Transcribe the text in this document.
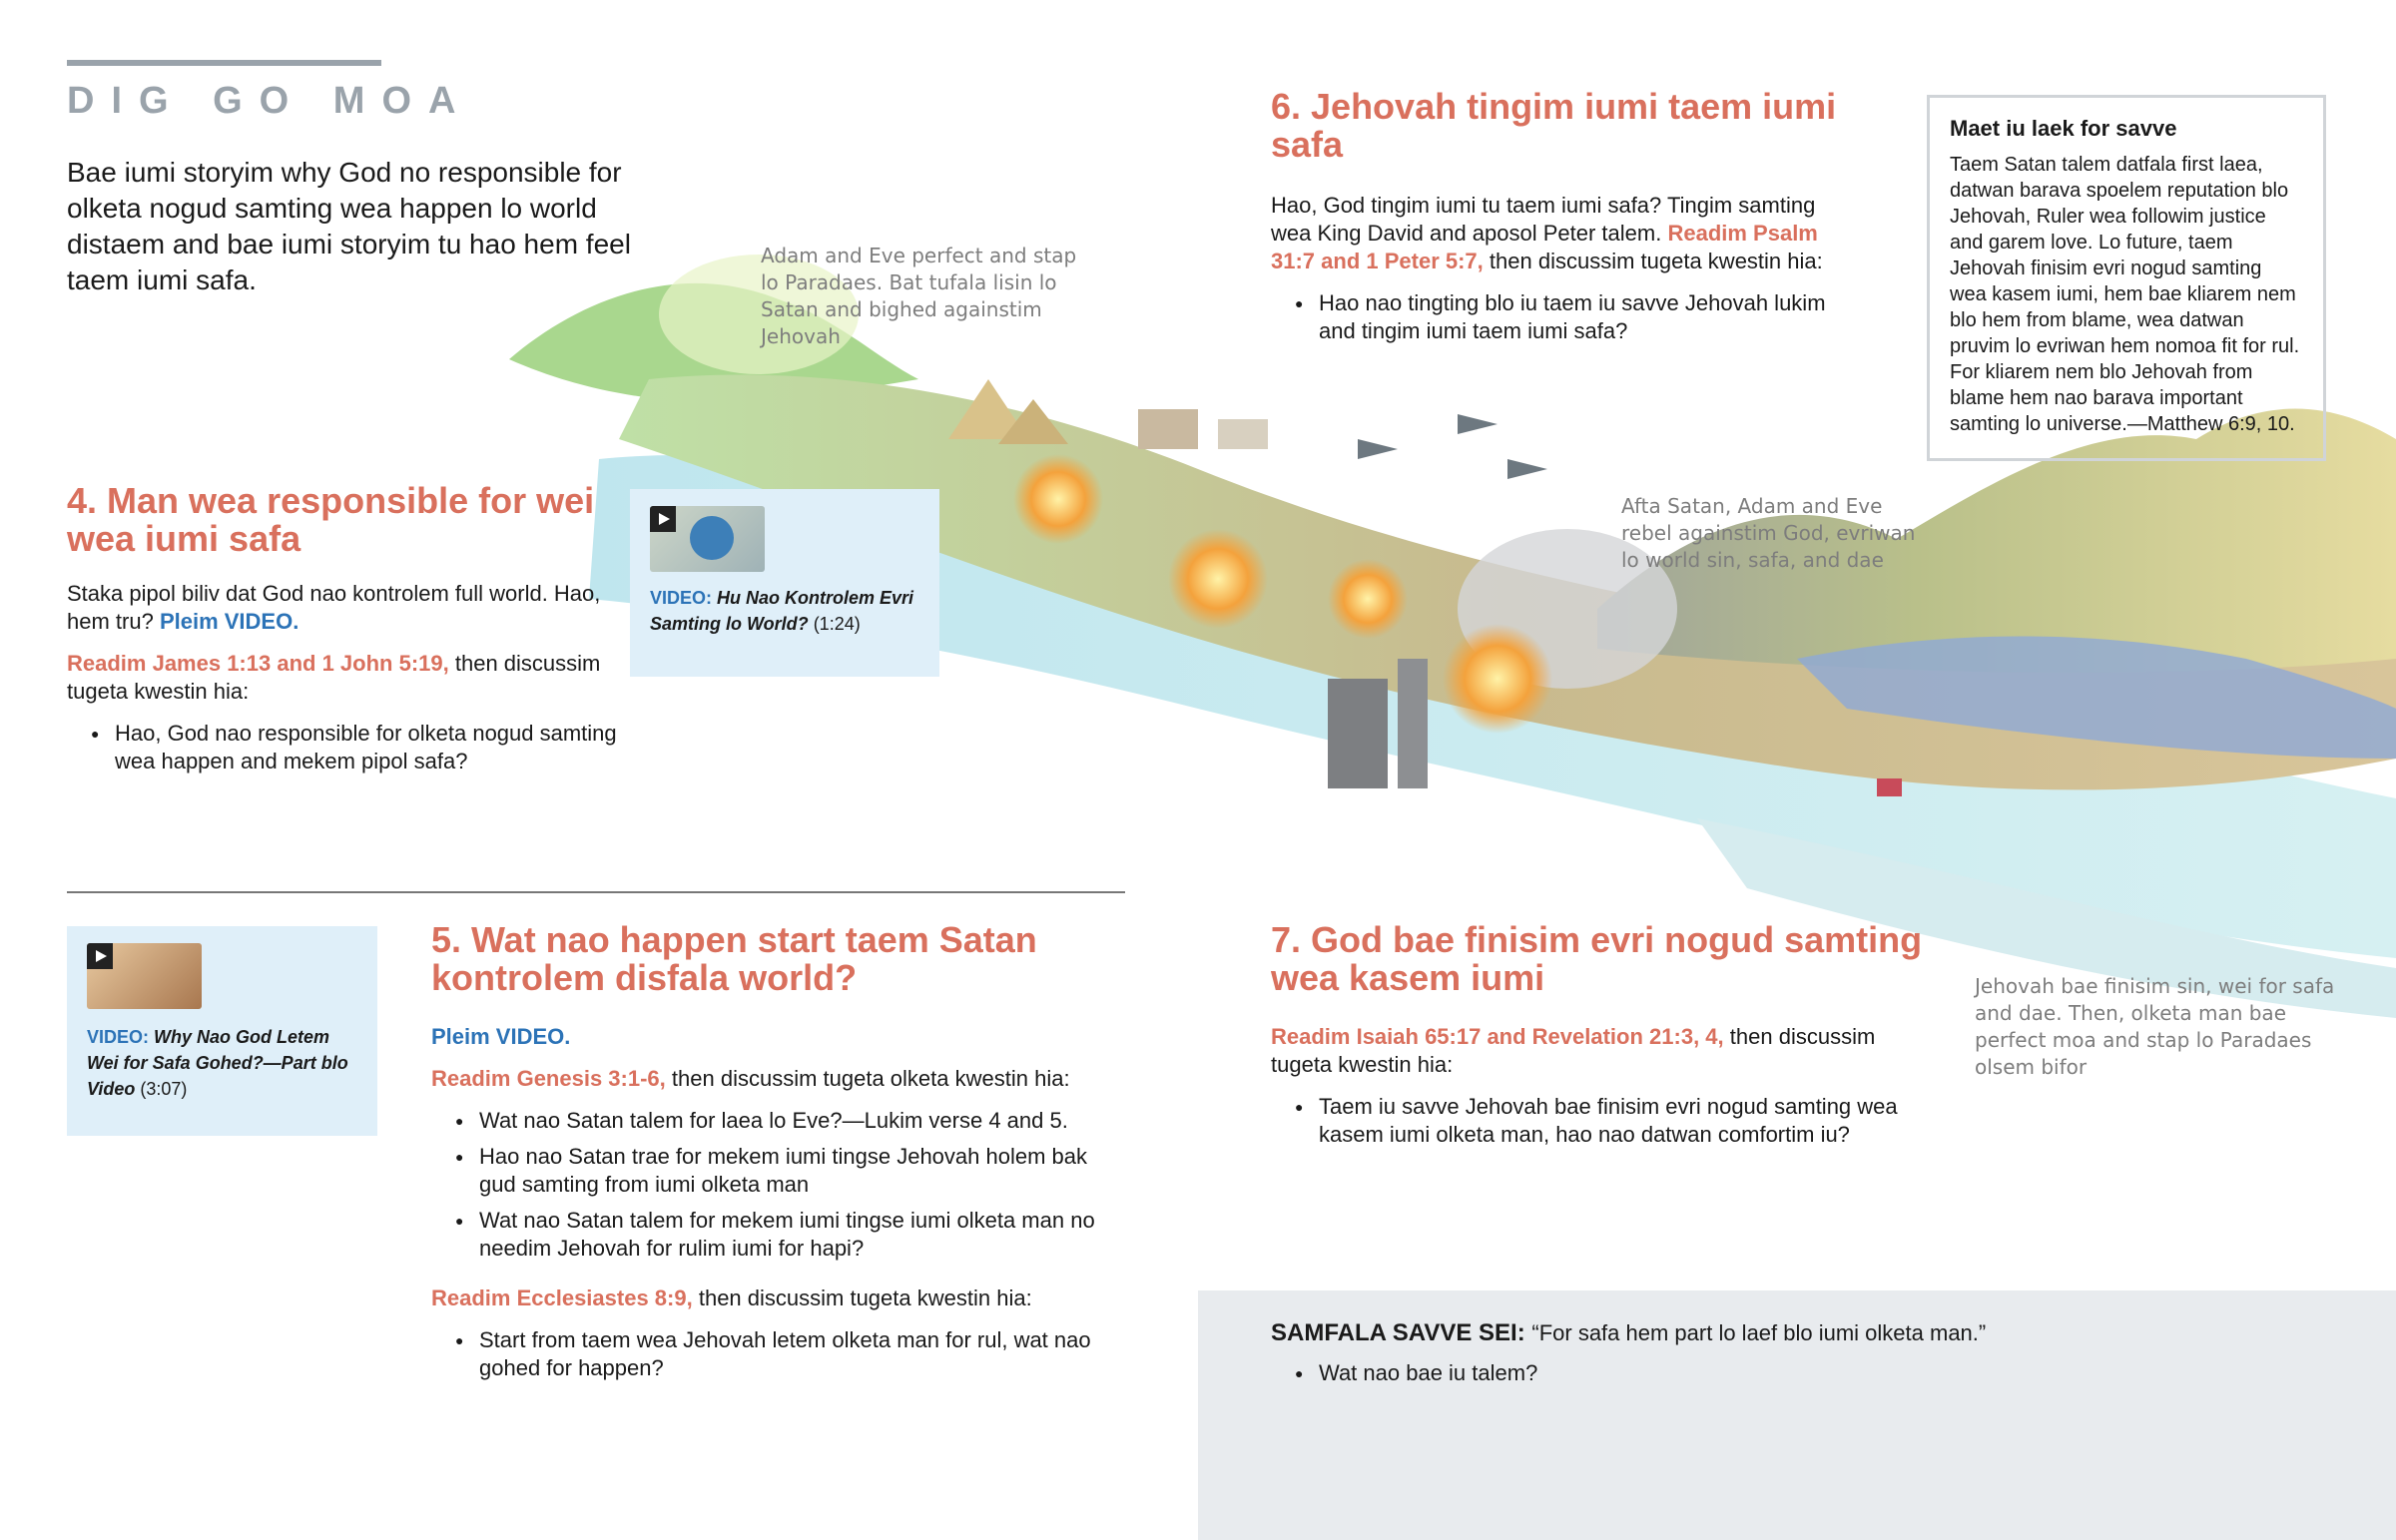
DIG GO MOA
Bae iumi storyim why God no responsible for olketa nogud samting wea happen lo world distaem and bae iumi storyim tu hao hem feel taem iumi safa.
Adam and Eve perfect and stap lo Paradaes. Bat tufala lisin lo Satan and bighed againstim Jehovah
Afta Satan, Adam and Eve rebel againstim God, evriwan lo world sin, safa, and dae
Jehovah bae finisim sin, wei for safa and dae. Then, olketa man bae perfect moa and stap lo Paradaes olsem bifor
4. Man wea responsible for wei wea iumi safa

Staka pipol biliv dat God nao kontrolem full world. Hao, hem tru? Pleim VIDEO.

Readim James 1:13 and 1 John 5:19, then discussim tugeta kwestin hia:

● Hao, God nao responsible for olketa nogud samting wea happen and mekem pipol safa?
VIDEO: Hu Nao Kontrolem Evri Samting lo World? (1:24)
6. Jehovah tingim iumi taem iumi safa

Hao, God tingim iumi tu taem iumi safa? Tingim samting wea King David and aposol Peter talem. Readim Psalm 31:7 and 1 Peter 5:7, then discussim tugeta kwestin hia:

● Hao nao tingting blo iu taem iu savve Jehovah lukim and tingim iumi taem iumi safa?
Maet iu laek for savve

Taem Satan talem datfala first laea, datwan barava spoelem reputation blo Jehovah, Ruler wea followim justice and garem love. Lo future, taem Jehovah finisim evri nogud samting wea kasem iumi, hem bae kliarem nem blo hem from blame, wea datwan pruvim lo evriwan hem nomoa fit for rul. For kliarem nem blo Jehovah from blame hem nao barava important samting lo universe.—Matthew 6:9, 10.

VIDEO: Why Nao God Letem Wei for Safa Gohed?—Part blo Video (3:07)
5. Wat nao happen start taem Satan kontrolem disfala world?

Pleim VIDEO.

Readim Genesis 3:1-6, then discussim tugeta olketa kwestin hia:

● Wat nao Satan talem for laea lo Eve?—Lukim verse 4 and 5.
● Hao nao Satan trae for mekem iumi tingse Jehovah holem bak gud samting from iumi olketa man
● Wat nao Satan talem for mekem iumi tingse iumi olketa man no needim Jehovah for rulim iumi for hapi?

Readim Ecclesiastes 8:9, then discussim tugeta kwestin hia:

● Start from taem wea Jehovah letem olketa man for rul, wat nao gohed for happen?
7. God bae finisim evri nogud samting wea kasem iumi

Readim Isaiah 65:17 and Revelation 21:3, 4, then discussim tugeta kwestin hia:

● Taem iu savve Jehovah bae finisim evri nogud samting wea kasem iumi olketa man, hao nao datwan comfortim iu?

SAMFALA SAVVE SEI: “For safa hem part lo laef blo iumi olketa man.”

● Wat nao bae iu talem?
